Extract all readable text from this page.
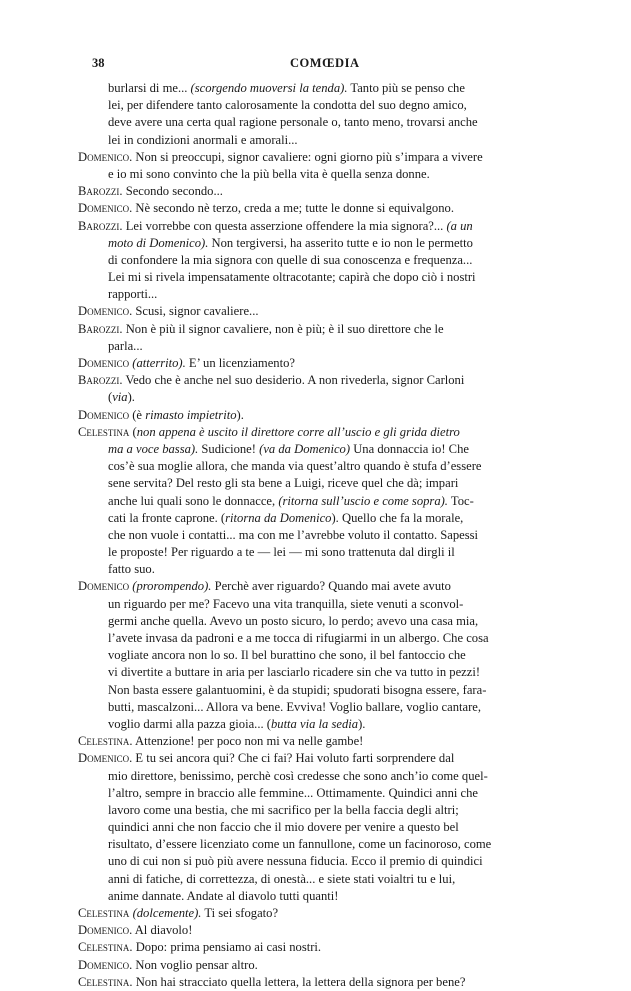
38	COMŒDIA
burlarsi di me... (scorgendo muoversi la tenda). Tanto più se penso che
lei, per difendere tanto calorosamente la condotta del suo degno amico,
deve avere una certa qual ragione personale o, tanto meno, trovarsi anche
lei in condizioni anormali e amorali...
Domenico. Non si preoccupi, signor cavaliere: ogni giorno più s’impara a vivere
e io mi sono convinto che la più bella vita è quella senza donne.
Barozzi. Secondo secondo...
Domenico. Nè secondo nè terzo, creda a me; tutte le donne si equivalgono.
Barozzi. Lei vorrebbe con questa asserzione offendere la mia signora?... (a un
moto di Domenico). Non tergiversi, ha asserito tutte e io non le permetto
di confondere la mia signora con quelle di sua conoscenza e frequenza...
Lei mi si rivela impensatamente oltracotante; capirà che dopo ciò i nostri
rapporti...
Domenico. Scusi, signor cavaliere...
Barozzi. Non è più il signor cavaliere, non è più; è il suo direttore che le
parla...
Domenico (atterrito). E’ un licenziamento?
Barozzi. Vedo che è anche nel suo desiderio. A non rivederla, signor Carloni
(via).
Domenico (è rimasto impietrito).
Celestina (non appena è uscito il direttore corre all’uscio e gli grida dietro
ma a voce bassa). Sudicione! (va da Domenico) Una donnaccia io! Che
cos’è sua moglie allora, che manda via quest’altro quando è stufa d’essere
sene servita? Del resto gli sta bene a Luigi, riceve quel che dà; impari
anche lui quali sono le donnacce, (ritorna sull’uscio e come sopra). Toc-
cati la fronte caprone. (ritorna da Domenico). Quello che fa la morale,
che non vuole i contatti... ma con me l’avrebbe voluto il contatto. Sapessi
le proposte! Per riguardo a te — lei — mi sono trattenuta dal dirgli il
fatto suo.
Domenico (prorompendo). Perchè aver riguardo? Quando mai avete avuto
un riguardo per me? Facevo una vita tranquilla, siete venuti a sconvol-
germi anche quella. Avevo un posto sicuro, lo perdo; avevo una casa mia,
l’avete invasa da padroni e a me tocca di rifugiarmi in un albergo. Che cosa
vogliate ancora non lo so. Il bel burattino che sono, il bel fantoccio che
vi divertite a buttare in aria per lasciarlo ricadere sin che va tutto in pezzi!
Non basta essere galantuomini, è da stupidi; spudorati bisogna essere, fara-
butti, mascalzoni... Allora va bene. Evviva! Voglio ballare, voglio cantare,
voglio darmi alla pazza gioia... (butta via la sedia).
Celestina. Attenzione! per poco non mi va nelle gambe!
Domenico. E tu sei ancora qui? Che ci fai? Hai voluto farti sorprendere dal
mio direttore, benissimo, perchè così credesse che sono anch’io come quel-
l’altro, sempre in braccio alle femmine... Ottimamente. Quindici anni che
lavoro come una bestia, che mi sacrifico per la bella faccia degli altri;
quindici anni che non faccio che il mio dovere per venire a questo bel
risultato, d’essere licenziato come un fannullone, come un facinoroso, come
uno di cui non si può più avere nessuna fiducia. Ecco il premio di quindici
anni di fatiche, di correttezza, di onestà... e siete stati voialtri tu e lui,
anime dannate. Andate al diavolo tutti quanti!
Celestina (dolcemente). Ti sei sfogato?
Domenico. Al diavolo!
Celestina. Dopo: prima pensiamo ai casi nostri.
Domenico. Non voglio pensar altro.
Celestina. Non hai stracciato quella lettera, la lettera della signora per bene?
